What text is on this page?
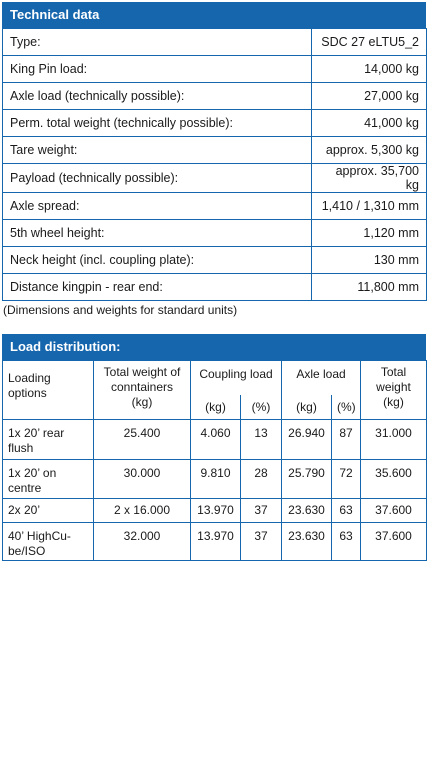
Technical data
Type:	SDC 27 eLTU5_2
King Pin load:	14,000 kg
Axle load (technically possible):	27,000 kg
Perm. total weight (technically possible):	41,000 kg
Tare weight:	approx. 5,300 kg
Payload (technically possible):	approx. 35,700 kg
Axle spread:	1,410 / 1,310 mm
5th wheel height:	1,120 mm
Neck height (incl. coupling plate):	130 mm
Distance kingpin - rear end:	11,800 mm
(Dimensions and weights for standard units)
Load distribution:
Loading options	Total weight of conntainers (kg)	Coupling load		Axle load		Total weight (kg)
		(kg)	(%)	(kg)	(%)	
1x 20’ rear flush	25.400	4.060	13	26.940	87	31.000
1x 20’ on centre	30.000	9.810	28	25.790	72	35.600
2x 20’	2 x 16.000	13.970	37	23.630	63	37.600
40’ HighCu-be/ISO	32.000	13.970	37	23.630	63	37.600
